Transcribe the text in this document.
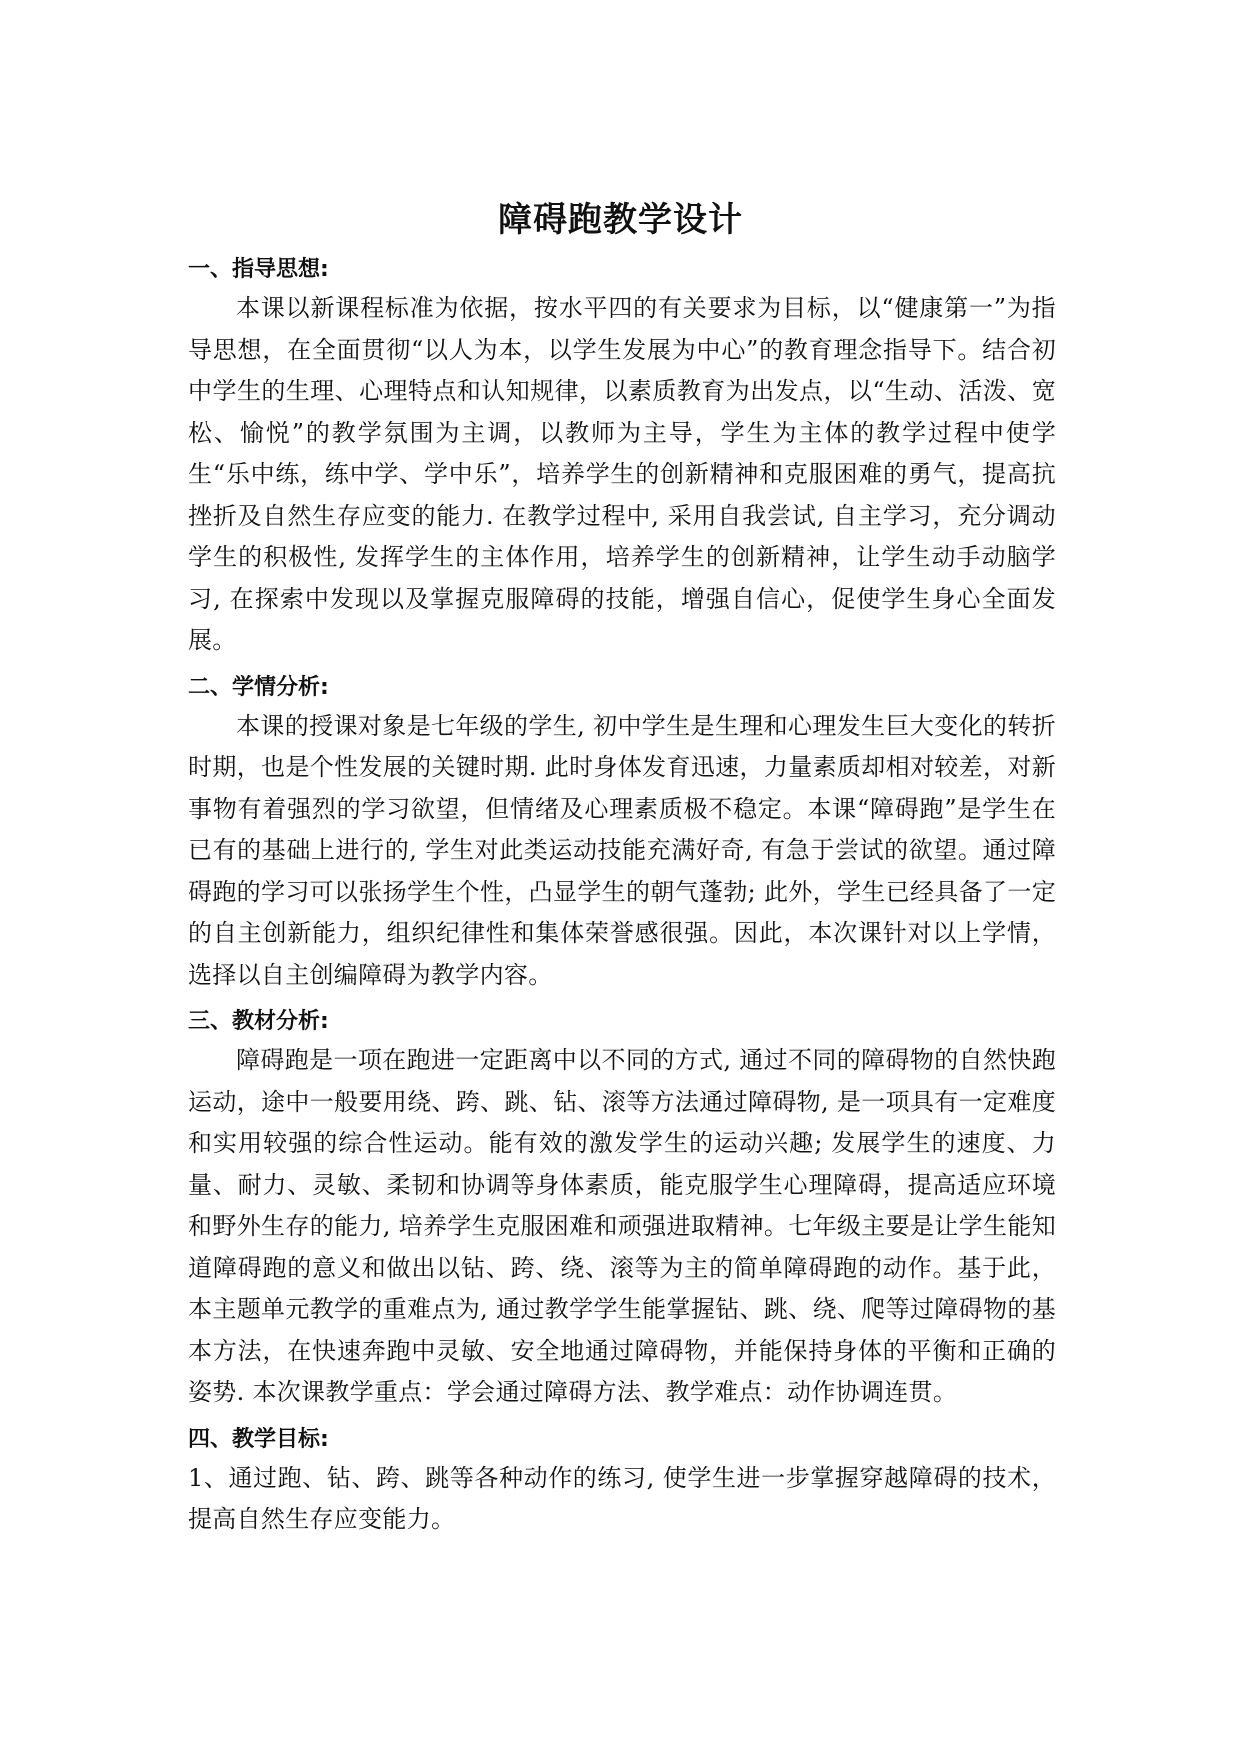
障碍跑教学设计

一、指导思想:

本课以新课程标准为依据，按水平四的有关要求为目标，以“健康第一”为指导思想，在全面贯彻“以人为本，以学生发展为中心”的教育理念指导下。结合初中学生的生理、心理特点和认知规律，以素质教育为出发点，以“生动、活泼、宽松、愉悦”的教学氛围为主调，以教师为主导，学生为主体的教学过程中使学生“乐中练，练中学、学中乐”，培养学生的创新精神和克服困难的勇气，提高抗挫折及自然生存应变的能力. 在教学过程中, 采用自我尝试, 自主学习，充分调动学生的积极性, 发挥学生的主体作用，培养学生的创新精神，让学生动手动脑学习, 在探索中发现以及掌握克服障碍的技能，增强自信心，促使学生身心全面发展。

二、学情分析:

本课的授课对象是七年级的学生, 初中学生是生理和心理发生巨大变化的转折时期，也是个性发展的关键时期. 此时身体发育迅速，力量素质却相对较差，对新事物有着强烈的学习欲望，但情绪及心理素质极不稳定。本课“障碍跑”是学生在已有的基础上进行的, 学生对此类运动技能充满好奇, 有急于尝试的欲望。通过障碍跑的学习可以张扬学生个性，凸显学生的朝气蓬勃; 此外，学生已经具备了一定的自主创新能力，组织纪律性和集体荣誉感很强。因此，本次课针对以上学情，选择以自主创编障碍为教学内容。

三、教材分析:

障碍跑是一项在跑进一定距离中以不同的方式, 通过不同的障碍物的自然快跑运动，途中一般要用绕、跨、跳、钻、滚等方法通过障碍物, 是一项具有一定难度和实用较强的综合性运动。能有效的激发学生的运动兴趣; 发展学生的速度、力量、耐力、灵敏、柔韧和协调等身体素质，能克服学生心理障碍，提高适应环境和野外生存的能力, 培养学生克服困难和顽强进取精神。七年级主要是让学生能知道障碍跑的意义和做出以钻、跨、绕、滚等为主的简单障碍跑的动作。基于此，本主题单元教学的重难点为, 通过教学学生能掌握钻、跳、绕、爬等过障碍物的基本方法，在快速奔跑中灵敏、安全地通过障碍物，并能保持身体的平衡和正确的姿势. 本次课教学重点：学会通过障碍方法、教学难点：动作协调连贯。

四、教学目标:

1、通过跑、钻、跨、跳等各种动作的练习, 使学生进一步掌握穿越障碍的技术，提高自然生存应变能力。
